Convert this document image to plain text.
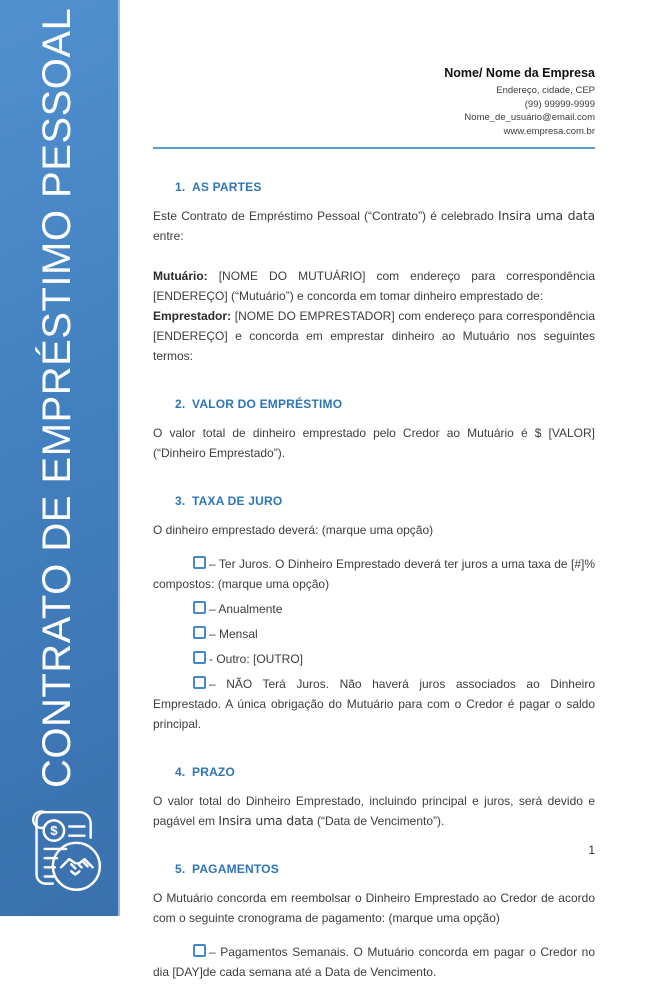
CONTRATO DE EMPRÉSTIMO PESSOAL
$
Nome/ Nome da Empresa
Endereço, cidade, CEP
(99) 99999-9999
Nome_de_usuário@email.com
www.empresa.com.br
1. AS PARTES

Este Contrato de Empréstimo Pessoal (“Contrato”) é celebrado Insira uma data entre:

Mutuário: [NOME DO MUTUÁRIO] com endereço para correspondência [ENDEREÇO] (“Mutuário”) e concorda em tomar dinheiro emprestado de:

Emprestador: [NOME DO EMPRESTADOR] com endereço para correspondência [ENDEREÇO] e concorda em emprestar dinheiro ao Mutuário nos seguintes termos:

2. VALOR DO EMPRÉSTIMO

O valor total de dinheiro emprestado pelo Credor ao Mutuário é $ [VALOR] (“Dinheiro Emprestado”).

3. TAXA DE JURO

O dinheiro emprestado deverá: (marque uma opção)

– Ter Juros. O Dinheiro Emprestado deverá ter juros a uma taxa de [#]% compostos: (marque uma opção)

– Anualmente

– Mensal

- Outro: [OUTRO]

– NÃO Terá Juros. Não haverá juros associados ao Dinheiro Emprestado. A única obrigação do Mutuário para com o Credor é pagar o saldo principal.

4. PRAZO

O valor total do Dinheiro Emprestado, incluindo principal e juros, será devido e pagável em Insira uma data (“Data de Vencimento”).

5. PAGAMENTOS

O Mutuário concorda em reembolsar o Dinheiro Emprestado ao Credor de acordo com o seguinte cronograma de pagamento: (marque uma opção)

– Pagamentos Semanais. O Mutuário concorda em pagar o Credor no dia [DAY]de cada semana até a Data de Vencimento.

1
